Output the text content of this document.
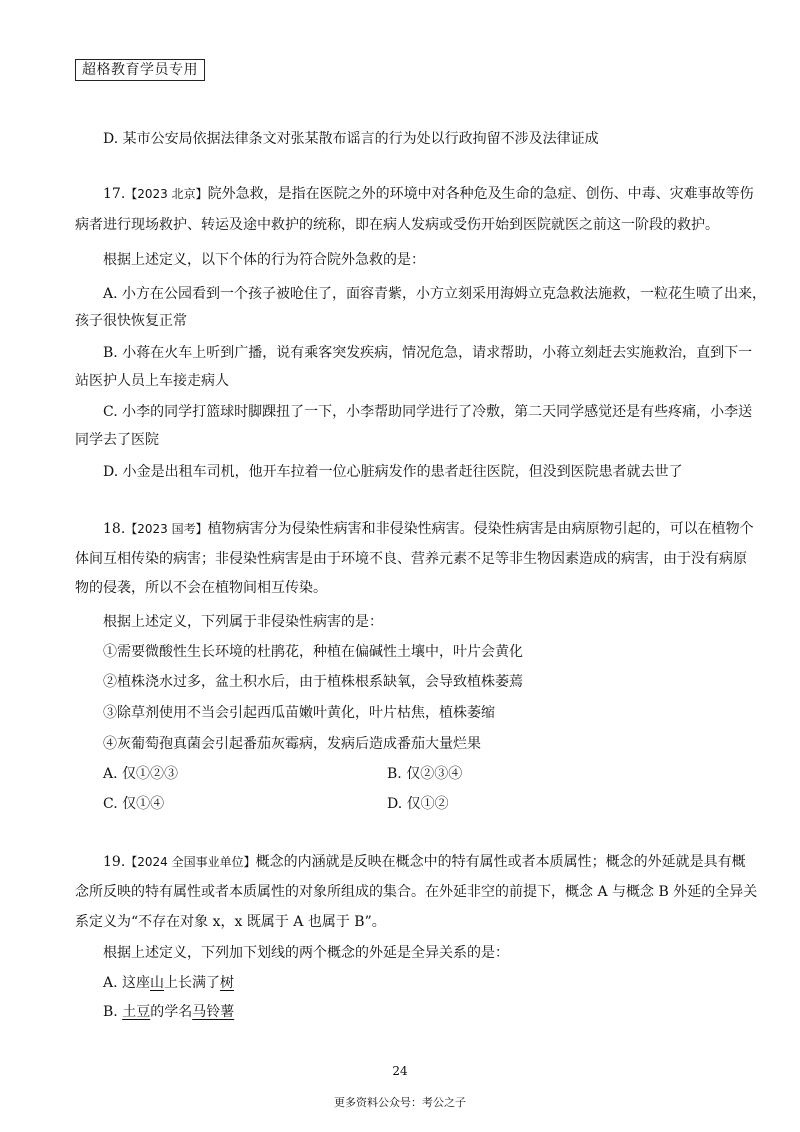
超格教育学员专用
D. 某市公安局依据法律条文对张某散布谣言的行为处以行政拘留不涉及法律证成
17.【2023 北京】院外急救，是指在医院之外的环境中对各种危及生命的急症、创伤、中毒、灾难事故等伤
病者进行现场救护、转运及途中救护的统称，即在病人发病或受伤开始到医院就医之前这一阶段的救护。
根据上述定义，以下个体的行为符合院外急救的是：
A. 小方在公园看到一个孩子被呛住了，面容青紫，小方立刻采用海姆立克急救法施救，一粒花生喷了出来，
孩子很快恢复正常
B. 小蒋在火车上听到广播，说有乘客突发疾病，情况危急，请求帮助，小蒋立刻赶去实施救治，直到下一
站医护人员上车接走病人
C. 小李的同学打篮球时脚踝扭了一下，小李帮助同学进行了冷敷，第二天同学感觉还是有些疼痛，小李送
同学去了医院
D. 小金是出租车司机，他开车拉着一位心脏病发作的患者赶往医院，但没到医院患者就去世了
18.【2023 国考】植物病害分为侵染性病害和非侵染性病害。侵染性病害是由病原物引起的，可以在植物个
体间互相传染的病害；非侵染性病害是由于环境不良、营养元素不足等非生物因素造成的病害，由于没有病原
物的侵袭，所以不会在植物间相互传染。
根据上述定义，下列属于非侵染性病害的是：
①需要微酸性生长环境的杜鹃花，种植在偏碱性土壤中，叶片会黄化
②植株浇水过多，盆土积水后，由于植株根系缺氧，会导致植株萎蔫
③除草剂使用不当会引起西瓜苗嫩叶黄化，叶片枯焦，植株萎缩
④灰葡萄孢真菌会引起番茄灰霉病，发病后造成番茄大量烂果
A. 仅①②③	B. 仅②③④
C. 仅①④	D. 仅①②
19.【2024 全国事业单位】概念的内涵就是反映在概念中的特有属性或者本质属性；概念的外延就是具有概
念所反映的特有属性或者本质属性的对象所组成的集合。在外延非空的前提下，概念 A 与概念 B 外延的全异关
系定义为“不存在对象 x，x 既属于 A 也属于 B”。
根据上述定义，下列加下划线的两个概念的外延是全异关系的是：
A. 这座山上长满了树
B. 土豆的学名马铃薯
24
更多资料公众号：考公之子
